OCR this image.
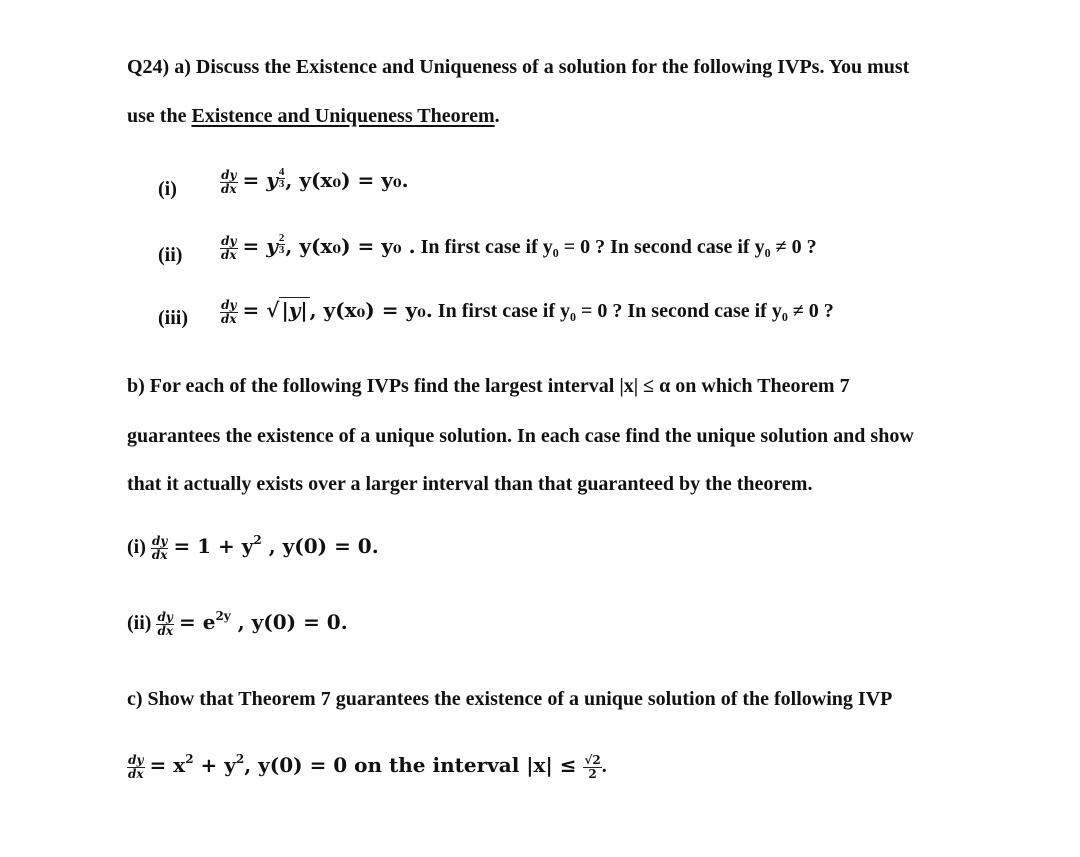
Q24) a) Discuss the Existence and Uniqueness of a solution for the following IVPs. You must
use the Existence and Uniqueness Theorem.
(i)	$\frac{dy}{dx} = y \frac{4}{3}$, y(x₀) = y₀.
(ii)	$\frac{dy}{dx} = y \frac{2}{3}$, y(x₀) = y₀ . In first case if y₀ = 0 ? In second case if y₀ ≠ 0 ?
(iii)	$\frac{dy}{dx}$ = √ |y| , y(x₀) = y₀. In first case if y₀ = 0 ? In second case if y₀ ≠ 0 ?
b) For each of the following IVPs find the largest interval |x| ≤ α on which Theorem 7
guarantees the existence of a unique solution. In each case find the unique solution and show
that it actually exists over a larger interval than that guaranteed by the theorem.
$(i) \frac{dy}{dx} = 1 + y^2$ , y(0) = 0.
$(ii) \frac{dy}{dx} = e^{2y}$ , y(0) = 0.
c) Show that Theorem 7 guarantees the existence of a unique solution of the following IVP
$\frac{dy}{dx} = x^2 + y^2$, y(0) = 0 on the interval $|x| \le \frac{√2}{2}$ .
